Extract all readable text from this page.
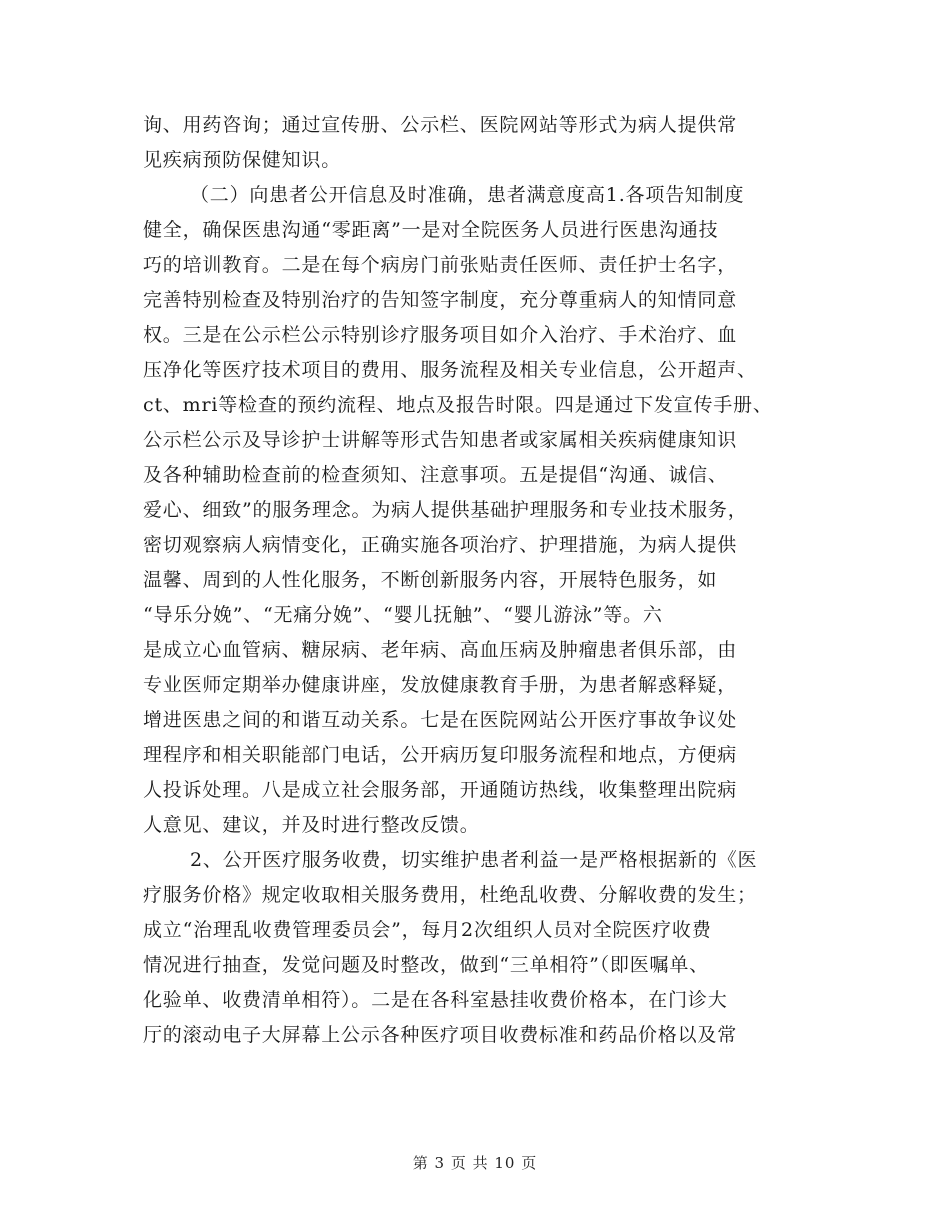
询、用药咨询；通过宣传册、公示栏、医院网站等形式为病人提供常
见疾病预防保健知识。
（二）向患者公开信息及时准确，患者满意度高1.各项告知制度
健全，确保医患沟通“零距离”一是对全院医务人员进行医患沟通技
巧的培训教育。二是在每个病房门前张贴责任医师、责任护士名字，
完善特别检查及特别治疗的告知签字制度，充分尊重病人的知情同意
权。三是在公示栏公示特别诊疗服务项目如介入治疗、手术治疗、血
压净化等医疗技术项目的费用、服务流程及相关专业信息，公开超声、
ct、mri等检查的预约流程、地点及报告时限。四是通过下发宣传手册、
公示栏公示及导诊护士讲解等形式告知患者或家属相关疾病健康知识
及各种辅助检查前的检查须知、注意事项。五是提倡“沟通、诚信、
爱心、细致”的服务理念。为病人提供基础护理服务和专业技术服务，
密切观察病人病情变化，正确实施各项治疗、护理措施，为病人提供
温馨、周到的人性化服务，不断创新服务内容，开展特色服务，如
“导乐分娩”、“无痛分娩”、“婴儿抚触”、“婴儿游泳”等。六
是成立心血管病、糖尿病、老年病、高血压病及肿瘤患者俱乐部，由
专业医师定期举办健康讲座，发放健康教育手册，为患者解惑释疑，
增进医患之间的和谐互动关系。七是在医院网站公开医疗事故争议处
理程序和相关职能部门电话，公开病历复印服务流程和地点，方便病
人投诉处理。八是成立社会服务部，开通随访热线，收集整理出院病
人意见、建议，并及时进行整改反馈。
2、公开医疗服务收费，切实维护患者利益一是严格根据新的《医
疗服务价格》规定收取相关服务费用，杜绝乱收费、分解收费的发生；
成立“治理乱收费管理委员会”，每月2次组织人员对全院医疗收费
情况进行抽查，发觉问题及时整改，做到“三单相符”（即医嘱单、
化验单、收费清单相符）。二是在各科室悬挂收费价格本，在门诊大
厅的滚动电子大屏幕上公示各种医疗项目收费标准和药品价格以及常
第 3 页 共 10 页
